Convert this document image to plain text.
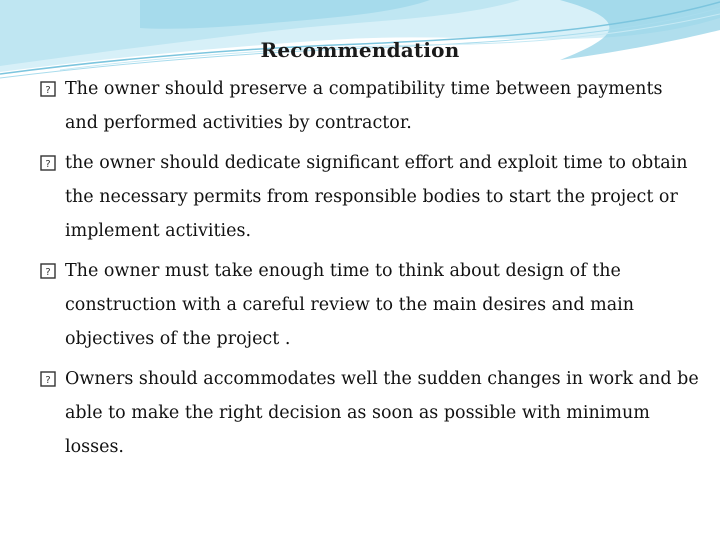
Recommendation
? The owner should preserve a compatibility time between payments and performed activities by contractor.
? the owner should dedicate significant effort and exploit time to obtain the necessary permits from responsible bodies to start the project or implement activities.
? The owner must take enough time to think about design of the construction with a careful review to the main desires and main objectives of the project .
? Owners should accommodates well the sudden changes in work and be able to make the right decision as soon as possible with minimum losses.
